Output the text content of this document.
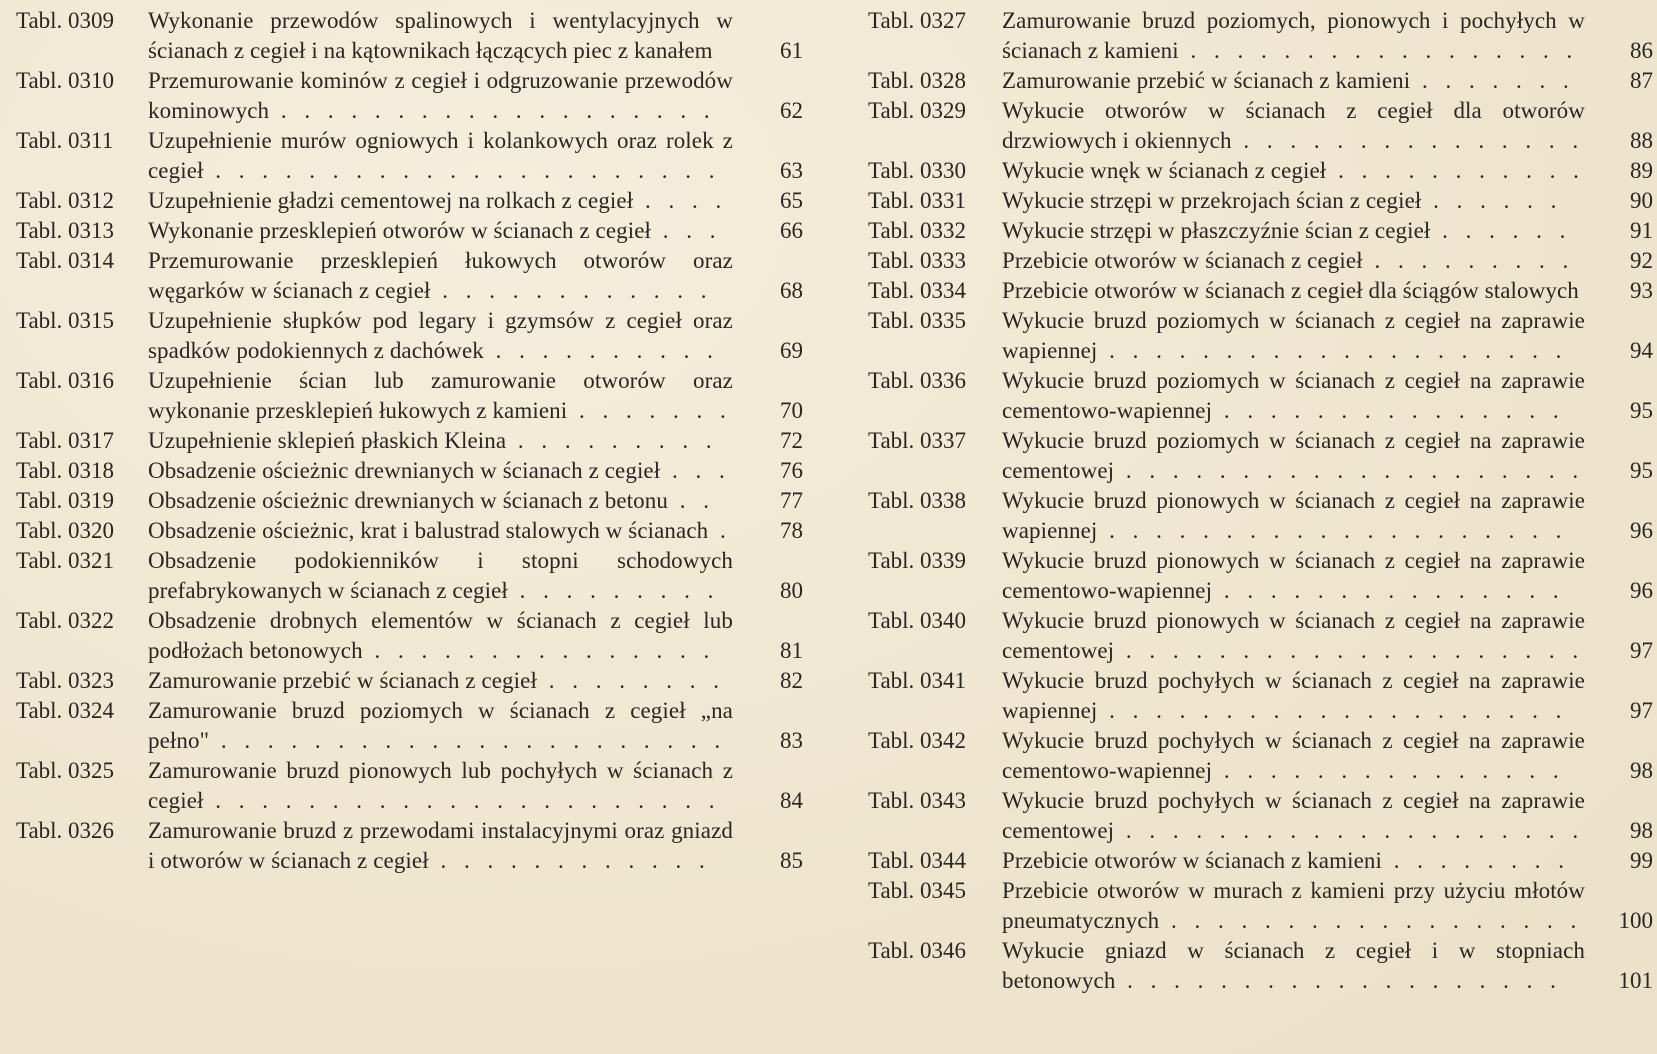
Tabl. 0309	Wykonanie przewodów spalinowych i wentylacyjnych w ścianach z cegieł i na kątownikach łączących piec z kanałem	61
Tabl. 0310	Przemurowanie kominów z cegieł i odgruzowanie przewodów kominowych . . . . . . . . . . . . . . . . . . .	62
Tabl. 0311	Uzupełnienie murów ogniowych i kolankowych oraz rolek z cegieł . . . . . . . . . . . . . . . . . . . . . .	63
Tabl. 0312	Uzupełnienie gładzi cementowej na rolkach z cegieł . . . .	65
Tabl. 0313	Wykonanie przesklepień otworów w ścianach z cegieł . . .	66
Tabl. 0314	Przemurowanie przesklepień łukowych otworów oraz węgarków w ścianach z cegieł . . . . . . . . . . . .	68
Tabl. 0315	Uzupełnienie słupków pod legary i gzymsów z cegieł oraz spadków podokiennych z dachówek . . . . . . . . . .	69
Tabl. 0316	Uzupełnienie ścian lub zamurowanie otworów oraz wykonanie przesklepień łukowych z kamieni . . . . . . .	70
Tabl. 0317	Uzupełnienie sklepień płaskich Kleina . . . . . . . . .	72
Tabl. 0318	Obsadzenie ościeżnic drewnianych w ścianach z cegieł . . .	76
Tabl. 0319	Obsadzenie ościeżnic drewnianych w ścianach z betonu . .	77
Tabl. 0320	Obsadzenie ościeżnic, krat i balustrad stalowych w ścianach .	78
Tabl. 0321	Obsadzenie podokienników i stopni schodowych prefabrykowanych w ścianach z cegieł . . . . . . . . .	80
Tabl. 0322	Obsadzenie drobnych elementów w ścianach z cegieł lub podłożach betonowych . . . . . . . . . . . . . . .	81
Tabl. 0323	Zamurowanie przebić w ścianach z cegieł . . . . . . . .	82
Tabl. 0324	Zamurowanie bruzd poziomych w ścianach z cegieł „na pełno" . . . . . . . . . . . . . . . . . . . . . .	83
Tabl. 0325	Zamurowanie bruzd pionowych lub pochyłych w ścianach z cegieł . . . . . . . . . . . . . . . . . . . . . .	84
Tabl. 0326	Zamurowanie bruzd z przewodami instalacyjnymi oraz gniazd i otworów w ścianach z cegieł . . . . . . . . . . . .	85
Tabl. 0327	Zamurowanie bruzd poziomych, pionowych i pochyłych w ścianach z kamieni . . . . . . . . . . . . . . . . .	86
Tabl. 0328	Zamurowanie przebić w ścianach z kamieni . . . . . . .	87
Tabl. 0329	Wykucie otworów w ścianach z cegieł dla otworów drzwiowych i okiennych . . . . . . . . . . . . . . .	88
Tabl. 0330	Wykucie wnęk w ścianach z cegieł . . . . . . . . . . .	89
Tabl. 0331	Wykucie strzępi w przekrojach ścian z cegieł . . . . . .	90
Tabl. 0332	Wykucie strzępi w płaszczyźnie ścian z cegieł . . . . . .	91
Tabl. 0333	Przebicie otworów w ścianach z cegieł . . . . . . . . .	92
Tabl. 0334	Przebicie otworów w ścianach z cegieł dla ściągów stalowych	93
Tabl. 0335	Wykucie bruzd poziomych w ścianach z cegieł na zaprawie wapiennej . . . . . . . . . . . . . . . . . . . .	94
Tabl. 0336	Wykucie bruzd poziomych w ścianach z cegieł na zaprawie cementowo-wapiennej . . . . . . . . . . . . . . .	95
Tabl. 0337	Wykucie bruzd poziomych w ścianach z cegieł na zaprawie cementowej . . . . . . . . . . . . . . . . . . . .	95
Tabl. 0338	Wykucie bruzd pionowych w ścianach z cegieł na zaprawie wapiennej . . . . . . . . . . . . . . . . . . . .	96
Tabl. 0339	Wykucie bruzd pionowych w ścianach z cegieł na zaprawie cementowo-wapiennej . . . . . . . . . . . . . . .	96
Tabl. 0340	Wykucie bruzd pionowych w ścianach z cegieł na zaprawie cementowej . . . . . . . . . . . . . . . . . . . .	97
Tabl. 0341	Wykucie bruzd pochyłych w ścianach z cegieł na zaprawie wapiennej . . . . . . . . . . . . . . . . . . . .	97
Tabl. 0342	Wykucie bruzd pochyłych w ścianach z cegieł na zaprawie cementowo-wapiennej . . . . . . . . . . . . . . .	98
Tabl. 0343	Wykucie bruzd pochyłych w ścianach z cegieł na zaprawie cementowej . . . . . . . . . . . . . . . . . . . .	98
Tabl. 0344	Przebicie otworów w ścianach z kamieni . . . . . . . .	99
Tabl. 0345	Przebicie otworów w murach z kamieni przy użyciu młotów pneumatycznych . . . . . . . . . . . . . . . . . .	100
Tabl. 0346	Wykucie gniazd w ścianach z cegieł i w stopniach betonowych . . . . . . . . . . . . . . . . . . .	101
